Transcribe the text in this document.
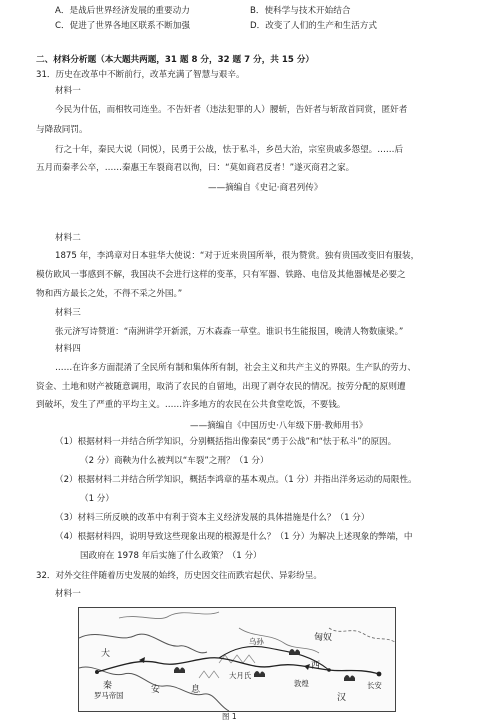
A．是战后世界经济发展的重要动力	B．使科学与技术开始结合
C．促进了世界各地区联系不断加强	D．改变了人们的生产和生活方式
二、材料分析题（本大题共两题，31 题 8 分，32 题 7 分，共 15 分）
31．历史在改革中不断前行，改革充满了智慧与艰辛。
材料一
今民为什伍，而相牧司连坐。不告奸者（违法犯罪的人）腰斩，告奸者与斩敌首同赏，匿奸者
与降敌同罚。
行之十年，秦民大说（同悦），民勇于公战，怯于私斗，乡邑大治，宗室贵戚多怨望。……后
五月而秦孝公卒，……秦惠王车裂商君以徇，曰：“莫如商君反者！”遂灭商君之家。
——摘编自《史记·商君列传》
材料二
1875 年，李鸿章对日本驻华大使说：“对于近来贵国所举，很为赞赏。独有贵国改变旧有服装，
模仿欧风一事感到不解，我国决不会进行这样的变革，只有军器、铁路、电信及其他器械是必要之
物和西方最长之处，不得不采之外国。”
材料三
张元济写诗赞道：“南洲讲学开新派，万木森森一草堂。谁识书生能报国，晚清人物数康梁。”
材料四
……在许多方面混淆了全民所有制和集体所有制，社会主义和共产主义的界限。生产队的劳力、
资金、土地和财产被随意调用，取消了农民的自留地，出现了剥夺农民的情况。按劳分配的原则遭
到破坏，发生了严重的平均主义。……许多地方的农民在公共食堂吃饭，不要钱。
——摘编自《中国历史·八年级下册·教师用书》
（1）根据材料一并结合所学知识，分别概括指出像秦民“勇于公战”和“怯于私斗”的原因。
（2 分）商鞅为什么被判以“车裂”之刑？（1 分）
（2）根据材料二并结合所学知识，概括李鸿章的基本观点。（1 分）并指出洋务运动的局限性。
（1 分）
（3）材料三所反映的改革中有利于资本主义经济发展的具体措施是什么？（1 分）
（4）根据材料四，说明导致这些现象出现的根源是什么？（1 分）为解决上述现象的弊端，中
国政府在 1978 年后实施了什么政策？（1 分）
32．对外交往伴随着历史发展的始终，历史因交往而跌宕起伏、异彩纷呈。
材料一
匈奴
西
汉
长安
大
秦
罗马帝国
安	息
大月氏
乌孙
敦煌
图 1
